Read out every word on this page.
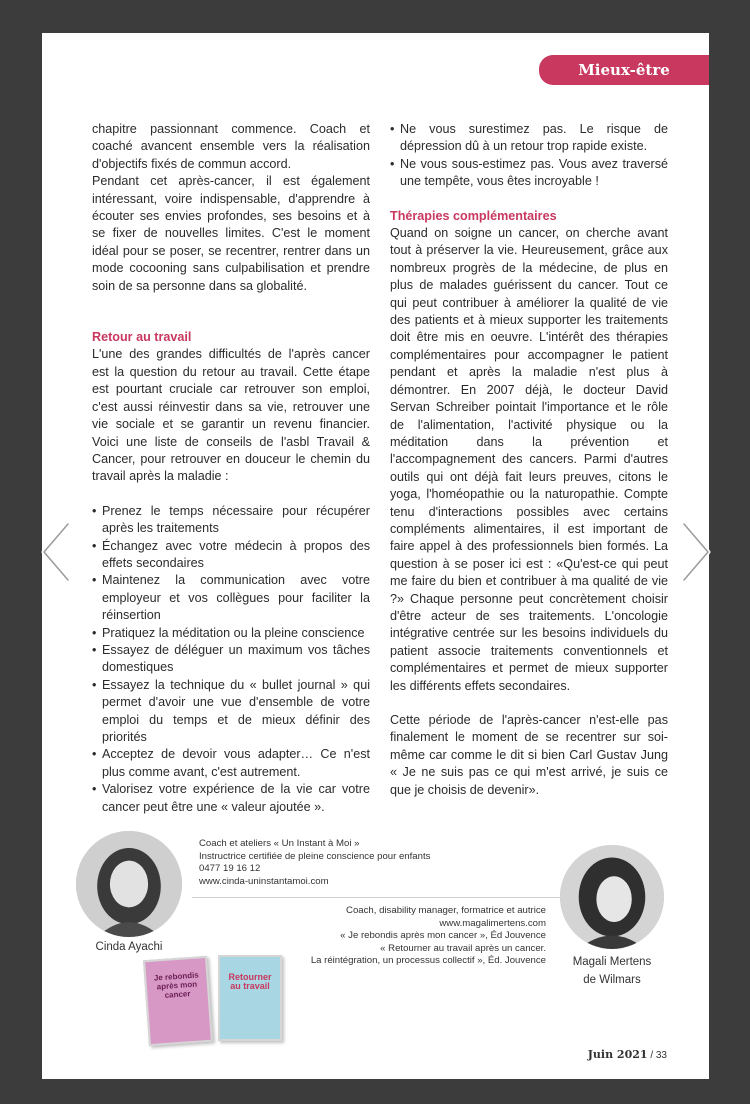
Mieux-être

chapitre passionnant commence. Coach et coaché avancent ensemble vers la réalisation d'objectifs fixés de commun accord.

Pendant cet après-cancer, il est également intéressant, voire indispensable, d'apprendre à écouter ses envies profondes, ses besoins et à se fixer de nouvelles limites. C'est le moment idéal pour se poser, se recentrer, rentrer dans un mode cocooning sans culpabilisation et prendre soin de sa personne dans sa globalité.

Retour au travail

L'une des grandes difficultés de l'après cancer est la question du retour au travail. Cette étape est pourtant cruciale car retrouver son emploi, c'est aussi réinvestir dans sa vie, retrouver une vie sociale et se garantir un revenu financier. Voici une liste de conseils de l'asbl Travail & Cancer, pour retrouver en douceur le chemin du travail après la maladie :

• Prenez le temps nécessaire pour récupérer après les traitements
• Échangez avec votre médecin à propos des effets secondaires
• Maintenez la communication avec votre employeur et vos collègues pour faciliter la réinsertion
• Pratiquez la méditation ou la pleine conscience
• Essayez de déléguer un maximum vos tâches domestiques
• Essayez la technique du « bullet journal » qui permet d'avoir une vue d'ensemble de votre emploi du temps et de mieux définir des priorités
• Acceptez de devoir vous adapter… Ce n'est plus comme avant, c'est autrement.
• Valorisez votre expérience de la vie car votre cancer peut être une « valeur ajoutée ».
• Ne vous surestimez pas. Le risque de dépression dû à un retour trop rapide existe.
• Ne vous sous-estimez pas. Vous avez traversé une tempête, vous êtes incroyable !

Thérapies complémentaires

Quand on soigne un cancer, on cherche avant tout à préserver la vie. Heureusement, grâce aux nombreux progrès de la médecine, de plus en plus de malades guérissent du cancer. Tout ce qui peut contribuer à améliorer la qualité de vie des patients et à mieux supporter les traitements doit être mis en oeuvre. L'intérêt des thérapies complémentaires pour accompagner le patient pendant et après la maladie n'est plus à démontrer. En 2007 déjà, le docteur David Servan Schreiber pointait l'importance et le rôle de l'alimentation, l'activité physique ou la méditation dans la prévention et l'accompagnement des cancers. Parmi d'autres outils qui ont déjà fait leurs preuves, citons le yoga, l'homéopathie ou la naturopathie. Compte tenu d'interactions possibles avec certains compléments alimentaires, il est important de faire appel à des professionnels bien formés. La question à se poser ici est : «Qu'est-ce qui peut me faire du bien et contribuer à ma qualité de vie ?» Chaque personne peut concrètement choisir d'être acteur de ses traitements. L'oncologie intégrative centrée sur les besoins individuels du patient associe traitements conventionnels et complémentaires et permet de mieux supporter les différents effets secondaires.

Cette période de l'après-cancer n'est-elle pas finalement le moment de se recentrer sur soi-même car comme le dit si bien Carl Gustav Jung « Je ne suis pas ce qui m'est arrivé, je suis ce que je choisis de devenir».

Cinda Ayachi
Coach et ateliers « Un Instant à Moi »
Instructrice certifiée de pleine conscience pour enfants
0477 19 16 12
www.cinda-uninstantamoi.com
Coach, disability manager, formatrice et autrice
www.magalimertens.com
« Je rebondis après mon cancer », Éd Jouvence
« Retourner au travail après un cancer.
La réintégration, un processus collectif », Éd. Jouvence	Magali Mertens
de Wilmars
Je rebondis après mon cancer
Retourner au travail
Juin 2021 / 33
